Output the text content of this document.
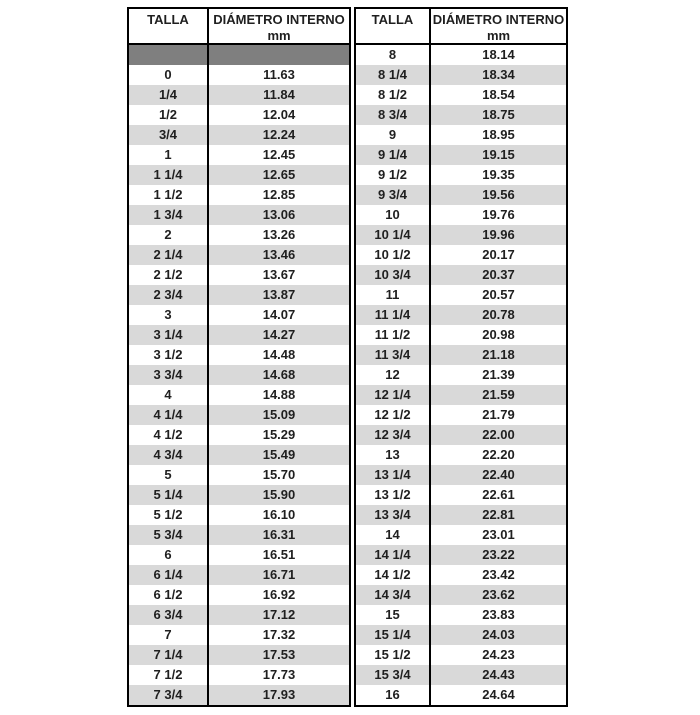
TALLA	DIÁMETRO INTERNO
mm
0	11.63
1/4	11.84
1/2	12.04
3/4	12.24
1	12.45
1 1/4	12.65
1 1/2	12.85
1 3/4	13.06
2	13.26
2 1/4	13.46
2 1/2	13.67
2 3/4	13.87
3	14.07
3 1/4	14.27
3 1/2	14.48
3 3/4	14.68
4	14.88
4 1/4	15.09
4 1/2	15.29
4 3/4	15.49
5	15.70
5 1/4	15.90
5 1/2	16.10
5 3/4	16.31
6	16.51
6 1/4	16.71
6 1/2	16.92
6 3/4	17.12
7	17.32
7 1/4	17.53
7 1/2	17.73
7 3/4	17.93
TALLA	DIÁMETRO INTERNO
mm
8	18.14
8 1/4	18.34
8 1/2	18.54
8 3/4	18.75
9	18.95
9 1/4	19.15
9 1/2	19.35
9 3/4	19.56
10	19.76
10 1/4	19.96
10 1/2	20.17
10 3/4	20.37
11	20.57
11 1/4	20.78
11 1/2	20.98
11 3/4	21.18
12	21.39
12 1/4	21.59
12 1/2	21.79
12 3/4	22.00
13	22.20
13 1/4	22.40
13 1/2	22.61
13 3/4	22.81
14	23.01
14 1/4	23.22
14 1/2	23.42
14 3/4	23.62
15	23.83
15 1/4	24.03
15 1/2	24.23
15 3/4	24.43
16	24.64
